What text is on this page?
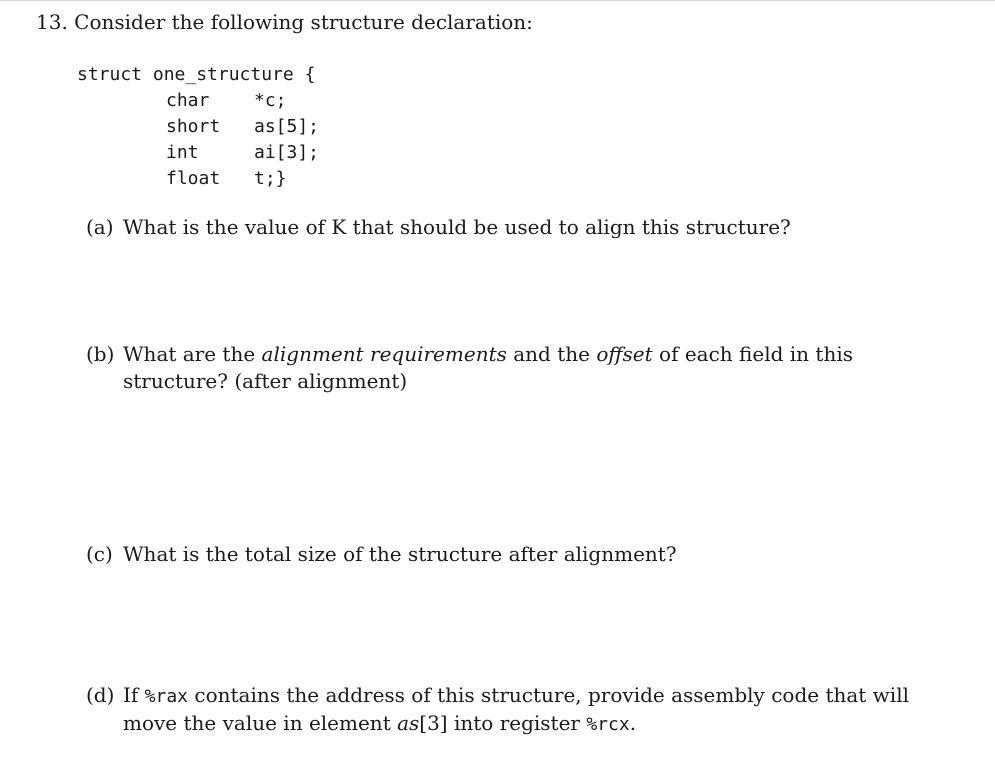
13. Consider the following structure declaration:
struct one_structure {
char *c;
short as[5];
int	ai[3];
float t;}
(a) What is the value of K that should be used to align this structure?
(b) What are the alignment requirements and the offset of each field in this structure? (after alignment)
(c) What is the total size of the structure after alignment?
(d) If %rax contains the address of this structure, provide assembly code that will move the value in element as[3] into register %rcx.
